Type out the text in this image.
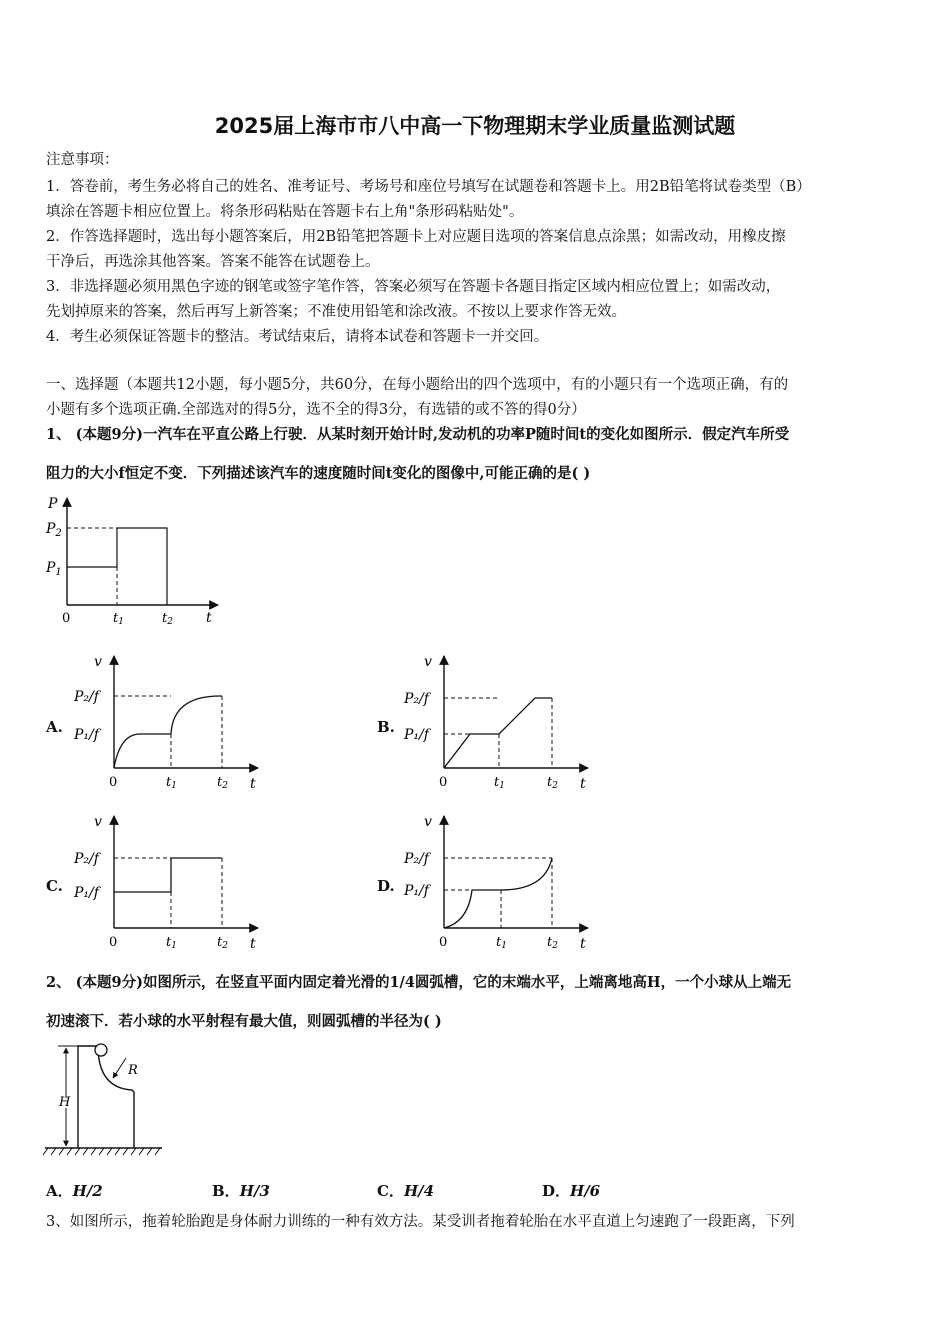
2025届上海市市八中高一下物理期末学业质量监测试题
注意事项：
1．答卷前，考生务必将自己的姓名、准考证号、考场号和座位号填写在试题卷和答题卡上。用2B铅笔将试卷类型（B）
填涂在答题卡相应位置上。将条形码粘贴在答题卡右上角"条形码粘贴处"。
2．作答选择题时，选出每小题答案后，用2B铅笔把答题卡上对应题目选项的答案信息点涂黑；如需改动，用橡皮擦
干净后，再选涂其他答案。答案不能答在试题卷上。
3．非选择题必须用黑色字迹的钢笔或签字笔作答，答案必须写在答题卡各题目指定区域内相应位置上；如需改动，
先划掉原来的答案，然后再写上新答案；不准使用铅笔和涂改液。不按以上要求作答无效。
4．考生必须保证答题卡的整洁。考试结束后，请将本试卷和答题卡一并交回。
一、选择题（本题共12小题，每小题5分，共60分，在每小题给出的四个选项中，有的小题只有一个选项正确，有的
小题有多个选项正确.全部选对的得5分，选不全的得3分，有选错的或不答的得0分）
1、 (本题9分)一汽车在平直公路上行驶．从某时刻开始计时,发动机的功率P随时间t的变化如图所示．假定汽车所受
阻力的大小f恒定不变．下列描述该汽车的速度随时间t变化的图像中,可能正确的是( )
P
$P_2$
$P_1$
0	t1	t2 t
A.	B.
C.	D.
v
P₂/f
P₁/f
0	t1	t2 t
v
P₂/f
P₁/f
0	t1	t2 t
v
P₂/f
P₁/f
0	t1	t2 t
v
P₂/f
P₁/f
0	t1	t2 t
2、 (本题9分)如图所示，在竖直平面内固定着光滑的1/4圆弧槽，它的末端水平，上端离地高H，一个小球从上端无
初速滚下．若小球的水平射程有最大值，则圆弧槽的半径为( )
H
R
A．H/2	B．H/3	C．H/4	D．H/6
3、如图所示，拖着轮胎跑是身体耐力训练的一种有效方法。某受训者拖着轮胎在水平直道上匀速跑了一段距离，下列
